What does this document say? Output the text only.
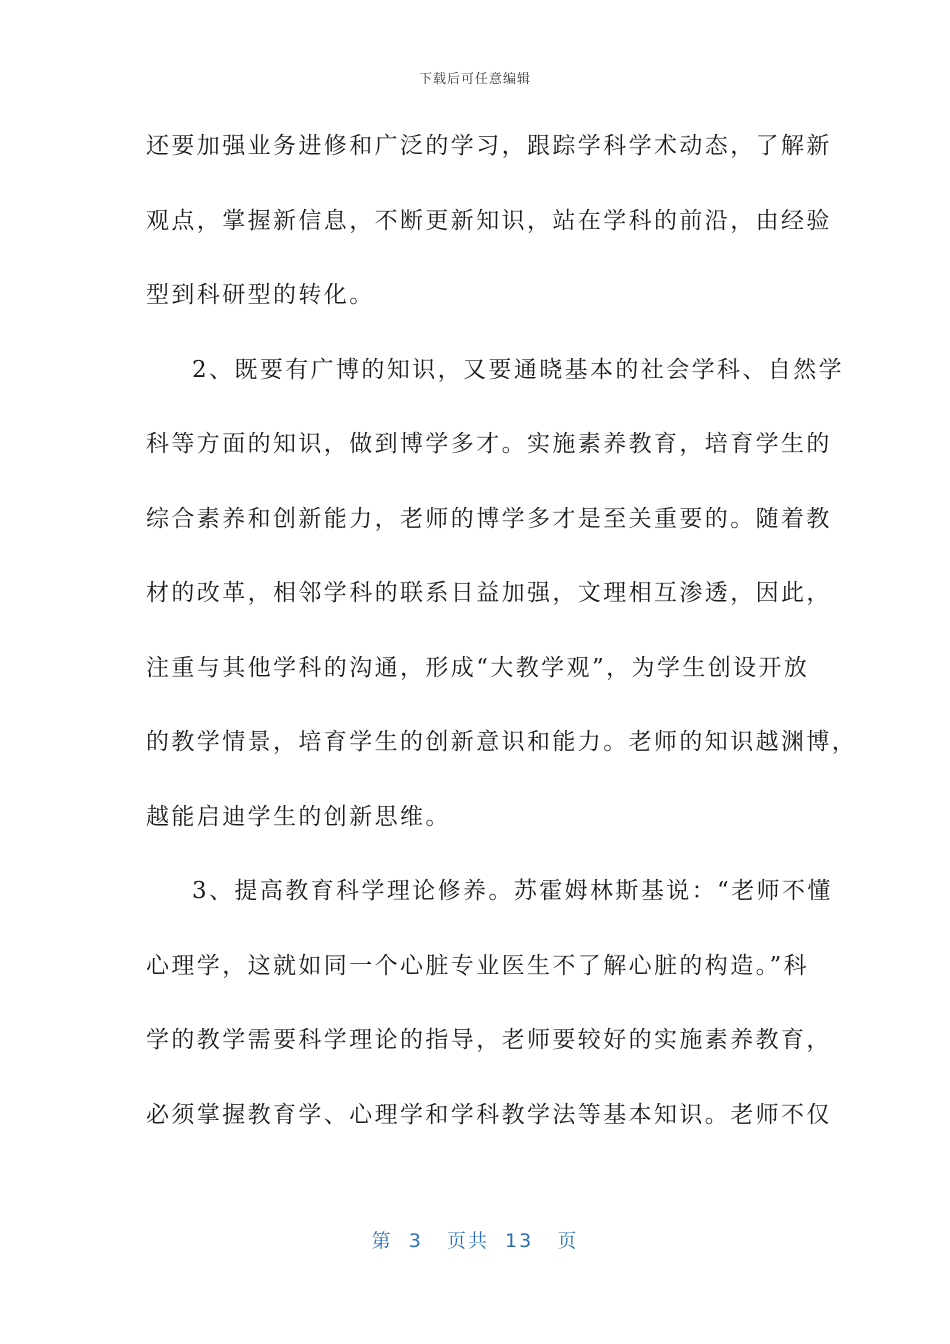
下载后可任意编辑
还要加强业务进修和广泛的学习，跟踪学科学术动态，了解新
观点，掌握新信息，不断更新知识，站在学科的前沿，由经验
型到科研型的转化。
2、既要有广博的知识，又要通晓基本的社会学科、自然学
科等方面的知识，做到博学多才。实施素养教育，培育学生的
综合素养和创新能力，老师的博学多才是至关重要的。随着教
材的改革，相邻学科的联系日益加强，文理相互渗透，因此，
注重与其他学科的沟通，形成“大教学观”，为学生创设开放
的教学情景，培育学生的创新意识和能力。老师的知识越渊博，
越能启迪学生的创新思维。
3、提高教育科学理论修养。苏霍姆林斯基说：“老师不懂
心理学，这就如同一个心脏专业医生不了解心脏的构造。”科
学的教学需要科学理论的指导，老师要较好的实施素养教育，
必须掌握教育学、心理学和学科教学法等基本知识。老师不仅
第 3 页共 13 页
